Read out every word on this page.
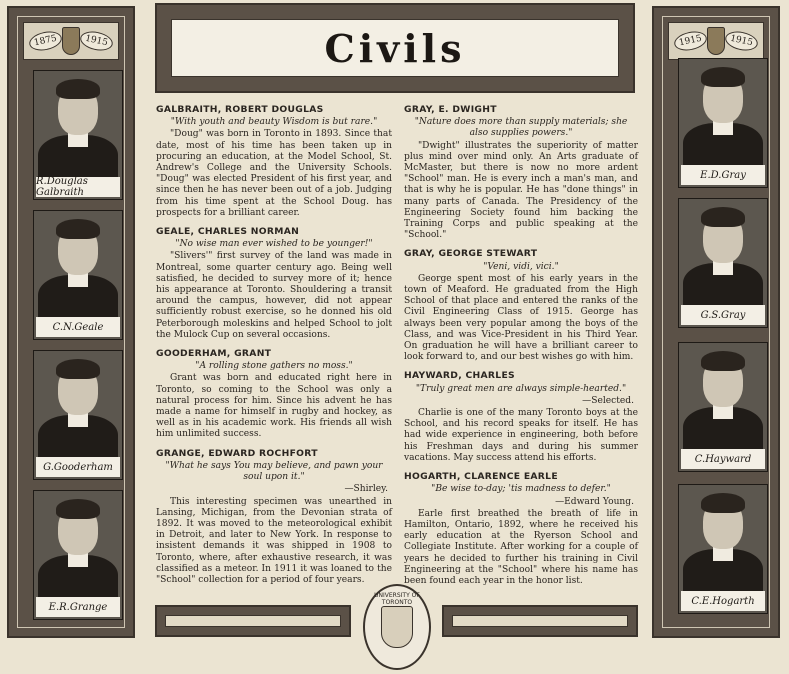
1875	1915
R.Douglas Galbraith
C.N.Geale
G.Gooderham
E.R.Grange
1915	1915
E.D.Gray
G.S.Gray
C.Hayward
C.E.Hogarth
Civils
GALBRAITH, ROBERT DOUGLAS
"With youth and beauty Wisdom is but rare."
"Doug" was born in Toronto in 1893. Since that date, most of his time has been taken up in procuring an education, at the Model School, St. Andrew's College and the University Schools. "Doug" was elected President of his first year, and since then he has never been out of a job. Judging from his time spent at the School Doug. has prospects for a brilliant career.
GEALE, CHARLES NORMAN
"No wise man ever wished to be younger!"
"Slivers'" first survey of the land was made in Montreal, some quarter century ago. Being well satisfied, he decided to survey more of it; hence his appearance at Toronto. Shouldering a transit around the campus, however, did not appear sufficiently robust exercise, so he donned his old Peterborough moleskins and helped School to jolt the Mulock Cup on several occasions.
GOODERHAM, GRANT
"A rolling stone gathers no moss."
Grant was born and educated right here in Toronto, so coming to the School was only a natural process for him. Since his advent he has made a name for himself in rugby and hockey, as well as in his academic work. His friends all wish him unlimited success.
GRANGE, EDWARD ROCHFORT
"What he says You may believe, and pawn your soul upon it."
—Shirley.
This interesting specimen was unearthed in Lansing, Michigan, from the Devonian strata of 1892. It was moved to the meteorological exhibit in Detroit, and later to New York. In response to insistent demands it was shipped in 1908 to Toronto, where, after exhaustive research, it was classified as a meteor. In 1911 it was loaned to the "School" collection for a period of four years.
GRAY, E. DWIGHT
"Nature does more than supply materials; she also supplies powers."
"Dwight" illustrates the superiority of matter plus mind over mind only. An Arts graduate of McMaster, but there is now no more ardent "School" man. He is every inch a man's man, and that is why he is popular. He has "done things" in many parts of Canada. The Presidency of the Engineering Society found him backing the Training Corps and public speaking at the "School."
GRAY, GEORGE STEWART
"Veni, vidi, vici."
George spent most of his early years in the town of Meaford. He graduated from the High School of that place and entered the ranks of the Civil Engineering Class of 1915. George has always been very popular among the boys of the Class, and was Vice-President in his Third Year. On graduation he will have a brilliant career to look forward to, and our best wishes go with him.
HAYWARD, CHARLES
"Truly great men are always simple-hearted."
—Selected.
Charlie is one of the many Toronto boys at the School, and his record speaks for itself. He has had wide experience in engineering, both before his Freshman days and during his summer vacations. May success attend his efforts.
HOGARTH, CLARENCE EARLE
"Be wise to-day; 'tis madness to defer."
—Edward Young.
Earle first breathed the breath of life in Hamilton, Ontario, 1892, where he received his early education at the Ryerson School and Collegiate Institute. After working for a couple of years he decided to further his training in Civil Engineering at the "School" where his name has been found each year in the honor list.
UNIVERSITY OF TORONTO
